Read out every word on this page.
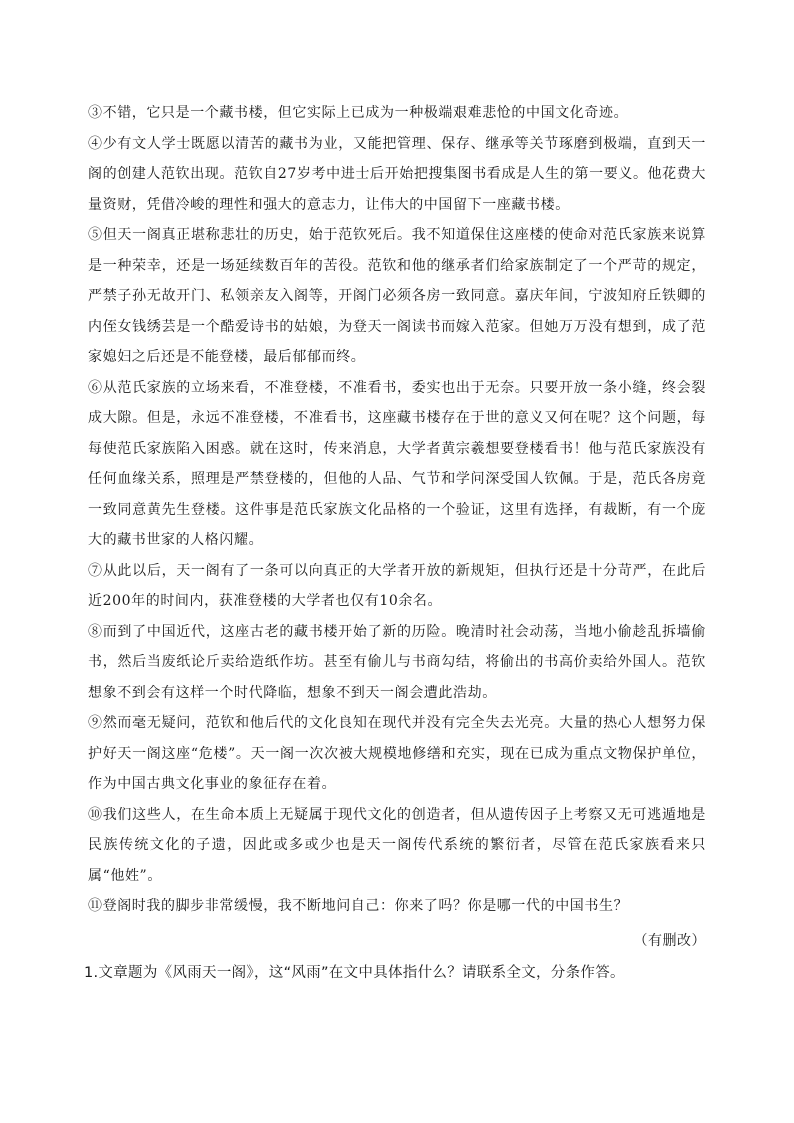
③不错，它只是一个藏书楼，但它实际上已成为一种极端艰难悲怆的中国文化奇迹。

④少有文人学士既愿以清苦的藏书为业，又能把管理、保存、继承等关节琢磨到极端，直到天一阁的创建人范钦出现。范钦自27岁考中进士后开始把搜集图书看成是人生的第一要义。他花费大量资财，凭借冷峻的理性和强大的意志力，让伟大的中国留下一座藏书楼。

⑤但天一阁真正堪称悲壮的历史，始于范钦死后。我不知道保住这座楼的使命对范氏家族来说算是一种荣幸，还是一场延续数百年的苦役。范钦和他的继承者们给家族制定了一个严苛的规定，严禁子孙无故开门、私领亲友入阁等，开阁门必须各房一致同意。嘉庆年间，宁波知府丘铁卿的内侄女钱绣芸是一个酷爱诗书的姑娘，为登天一阁读书而嫁入范家。但她万万没有想到，成了范家媳妇之后还是不能登楼，最后郁郁而终。

⑥从范氏家族的立场来看，不准登楼，不准看书，委实也出于无奈。只要开放一条小缝，终会裂成大隙。但是，永远不准登楼，不准看书，这座藏书楼存在于世的意义又何在呢？这个问题，每每使范氏家族陷入困惑。就在这时，传来消息，大学者黄宗羲想要登楼看书！他与范氏家族没有任何血缘关系，照理是严禁登楼的，但他的人品、气节和学问深受国人钦佩。于是，范氏各房竟一致同意黄先生登楼。这件事是范氏家族文化品格的一个验证，这里有选择，有裁断，有一个庞大的藏书世家的人格闪耀。

⑦从此以后，天一阁有了一条可以向真正的大学者开放的新规矩，但执行还是十分苛严，在此后近200年的时间内，获准登楼的大学者也仅有10余名。

⑧而到了中国近代，这座古老的藏书楼开始了新的历险。晚清时社会动荡，当地小偷趁乱拆墙偷书，然后当废纸论斤卖给造纸作坊。甚至有偷儿与书商勾结，将偷出的书高价卖给外国人。范钦想象不到会有这样一个时代降临，想象不到天一阁会遭此浩劫。

⑨然而毫无疑问，范钦和他后代的文化良知在现代并没有完全失去光亮。大量的热心人想努力保护好天一阁这座“危楼”。天一阁一次次被大规模地修缮和充实，现在已成为重点文物保护单位，作为中国古典文化事业的象征存在着。

⑩我们这些人，在生命本质上无疑属于现代文化的创造者，但从遗传因子上考察又无可逃遁地是民族传统文化的子遗，因此或多或少也是天一阁传代系统的繁衍者，尽管在范氏家族看来只属“他姓”。

⑪登阁时我的脚步非常缓慢，我不断地问自己：你来了吗？你是哪一代的中国书生？

（有删改）

1.文章题为《风雨天一阁》，这“风雨”在文中具体指什么？请联系全文，分条作答。
